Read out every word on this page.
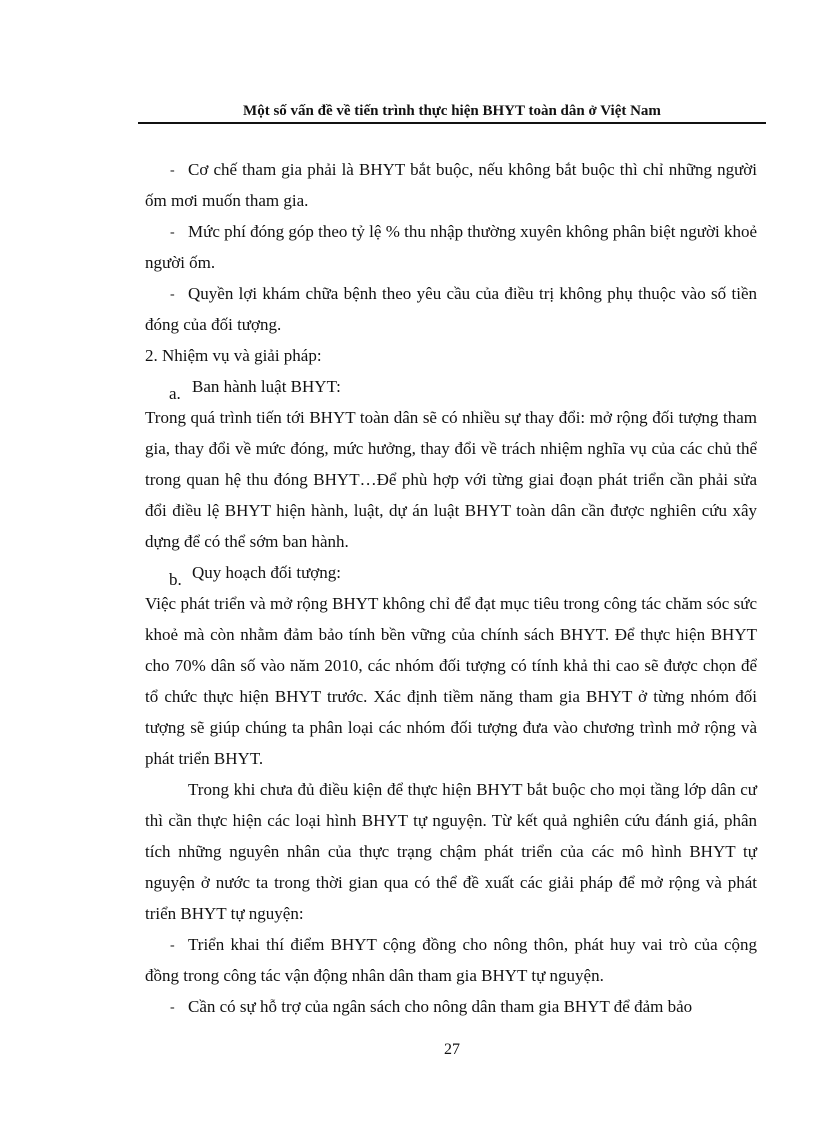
Một số vấn đề về tiến trình thực hiện BHYT toàn dân ở Việt Nam

- Cơ chế tham gia phải là BHYT bắt buộc, nếu không bắt buộc thì chỉ những người ốm mơi muốn tham gia.

- Mức phí đóng góp theo tỷ lệ % thu nhập thường xuyên không phân biệt người khoẻ người ốm.

- Quyền lợi khám chữa bệnh theo yêu cầu của điều trị không phụ thuộc vào số tiền đóng của đối tượng.

2. Nhiệm vụ và giải pháp:

a. Ban hành luật BHYT:

Trong quá trình tiến tới BHYT toàn dân sẽ có nhiều sự thay đổi: mở rộng đối tượng tham gia, thay đổi về mức đóng, mức hưởng, thay đổi về trách nhiệm nghĩa vụ của các chủ thể trong quan hệ thu đóng BHYT…Để phù hợp với từng giai đoạn phát triển cần phải sửa đổi điều lệ BHYT hiện hành, luật, dự án luật BHYT toàn dân cần được nghiên cứu xây dựng để có thể sớm ban hành.

b. Quy hoạch đối tượng:

Việc phát triển và mở rộng BHYT không chỉ để đạt mục tiêu trong công tác chăm sóc sức khoẻ mà còn nhằm đảm bảo tính bền vững của chính sách BHYT. Để thực hiện BHYT cho 70% dân số vào năm 2010, các nhóm đối tượng có tính khả thi cao sẽ được chọn để tổ chức thực hiện BHYT trước. Xác định tiềm năng tham gia BHYT ở từng nhóm đối tượng sẽ giúp chúng ta phân loại các nhóm đối tượng đưa vào chương trình mở rộng và phát triển BHYT.

Trong khi chưa đủ điều kiện để thực hiện BHYT bắt buộc cho mọi tầng lớp dân cư thì cần thực hiện các loại hình BHYT tự nguyện. Từ kết quả nghiên cứu đánh giá, phân tích những nguyên nhân của thực trạng chậm phát triển của các mô hình BHYT tự nguyện ở nước ta trong thời gian qua có thể đề xuất các giải pháp để mở rộng và phát triển BHYT tự nguyện:

- Triển khai thí điểm BHYT cộng đồng cho nông thôn, phát huy vai trò của cộng đồng trong công tác vận động nhân dân tham gia BHYT tự nguyện.

- Cần có sự hỗ trợ của ngân sách cho nông dân tham gia BHYT để đảm bảo

27
